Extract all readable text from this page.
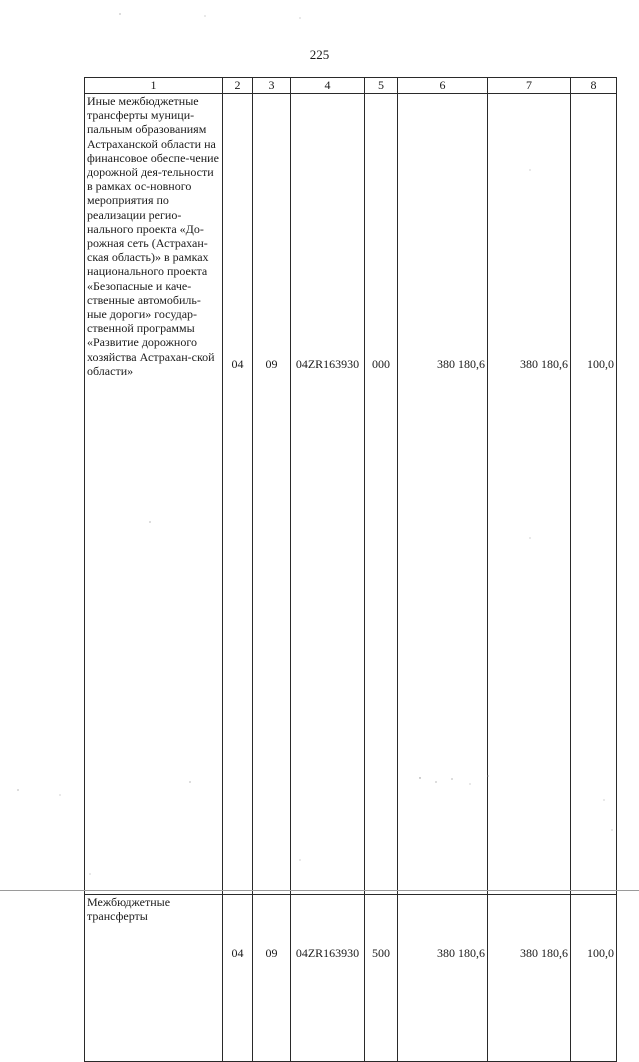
225
1	2	3	4	5	6	7	8
Иные межбюджетные трансферты муници-пальным образованиям Астраханской области на финансовое обеспе-чение дорожной дея-тельности в рамках ос-новного мероприятия по реализации регио-нального проекта «До-рожная сеть (Астрахан-ская область)» в рамках национального проекта «Безопасные и каче-ственные автомобиль-ные дороги» государ-ственной программы «Развитие дорожного хозяйства Астрахан-ской области»	04	09	04ZR163930	000	380 180,6	380 180,6	100,0
Межбюджетные трансферты	04	09	04ZR163930	500	380 180,6	380 180,6	100,0
